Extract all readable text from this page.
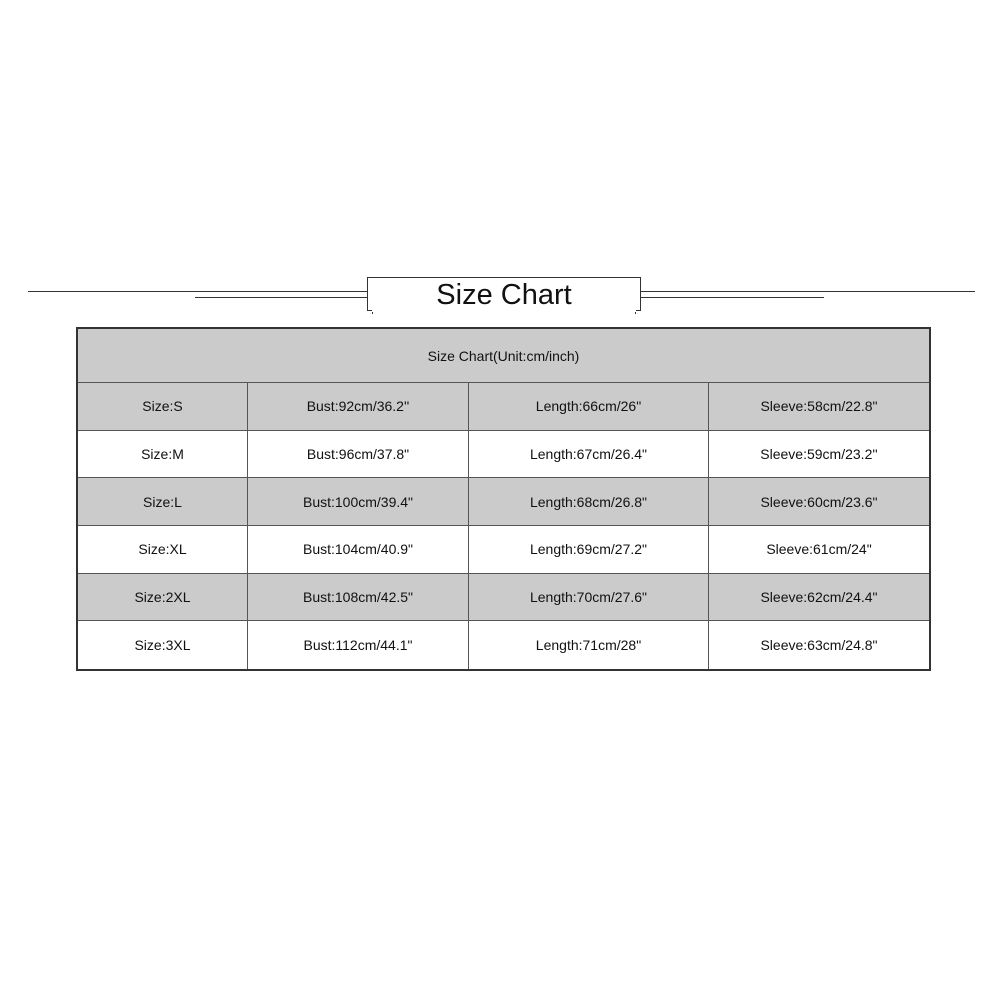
Size Chart
Size Chart(Unit:cm/inch)			
Size:S	Bust:92cm/36.2''	Length:66cm/26"	Sleeve:58cm/22.8"
Size:M	Bust:96cm/37.8"	Length:67cm/26.4"	Sleeve:59cm/23.2''
Size:L	Bust:100cm/39.4"	Length:68cm/26.8"	Sleeve:60cm/23.6"
Size:XL	Bust:104cm/40.9"	Length:69cm/27.2"	Sleeve:61cm/24"
Size:2XL	Bust:108cm/42.5"	Length:70cm/27.6"	Sleeve:62cm/24.4"
Size:3XL	Bust:112cm/44.1"	Length:71cm/28"	Sleeve:63cm/24.8"
